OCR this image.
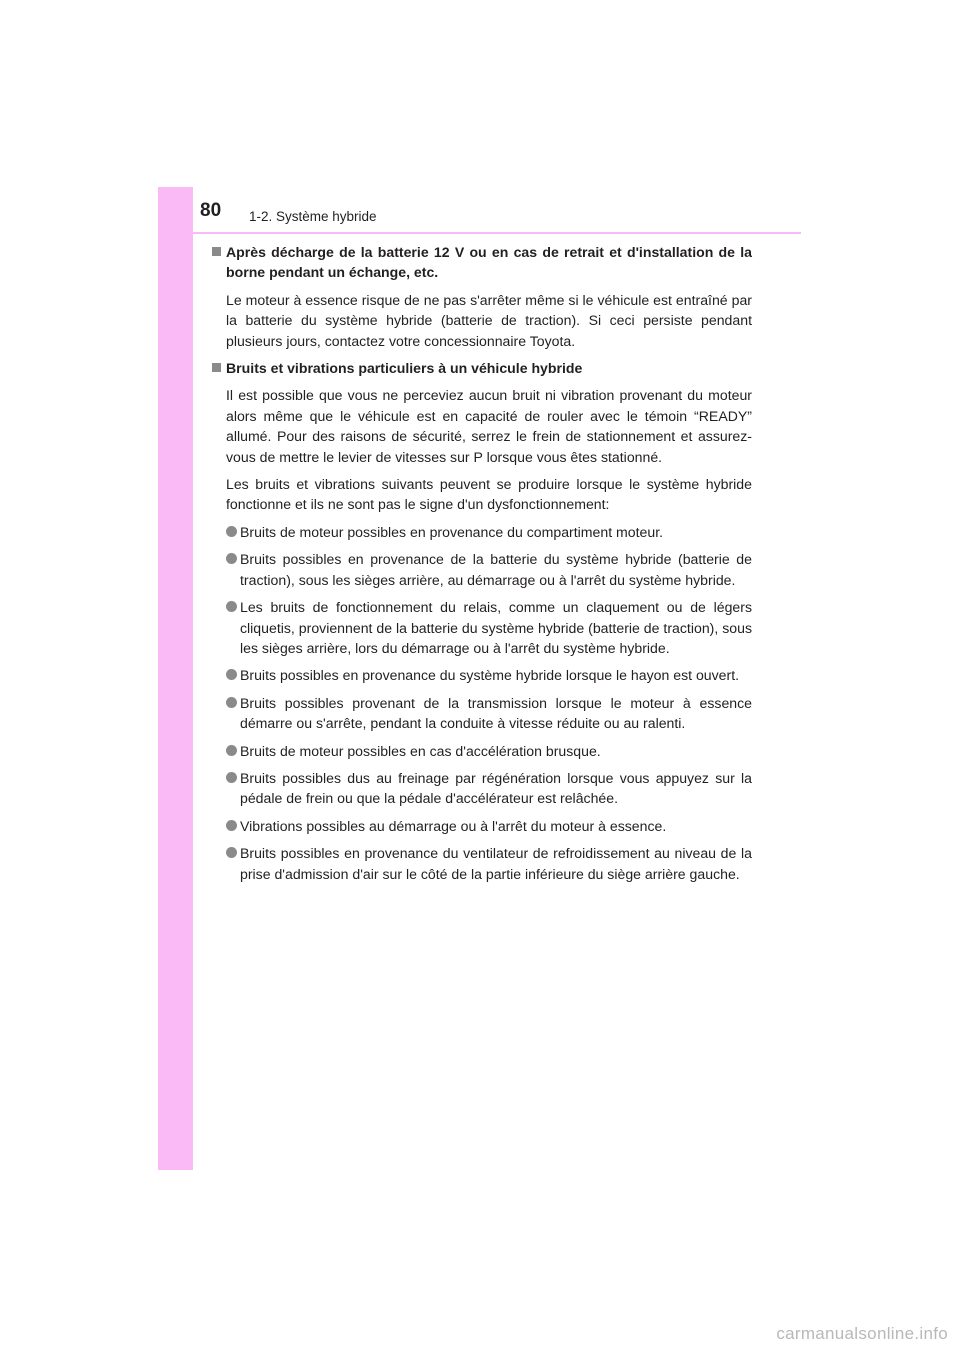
80 1-2. Système hybride
Après décharge de la batterie 12 V ou en cas de retrait et d'installation de la borne pendant un échange, etc.

Le moteur à essence risque de ne pas s'arrêter même si le véhicule est entraîné par la batterie du système hybride (batterie de traction). Si ceci persiste pendant plusieurs jours, contactez votre concessionnaire Toyota.

Bruits et vibrations particuliers à un véhicule hybride

Il est possible que vous ne perceviez aucun bruit ni vibration provenant du moteur alors même que le véhicule est en capacité de rouler avec le témoin “READY” allumé. Pour des raisons de sécurité, serrez le frein de stationnement et assurez-vous de mettre le levier de vitesses sur P lorsque vous êtes stationné.

Les bruits et vibrations suivants peuvent se produire lorsque le système hybride fonctionne et ils ne sont pas le signe d'un dysfonctionnement:

Bruits de moteur possibles en provenance du compartiment moteur.
Bruits possibles en provenance de la batterie du système hybride (batterie de traction), sous les sièges arrière, au démarrage ou à l'arrêt du système hybride.
Les bruits de fonctionnement du relais, comme un claquement ou de légers cliquetis, proviennent de la batterie du système hybride (batterie de traction), sous les sièges arrière, lors du démarrage ou à l'arrêt du système hybride.
Bruits possibles en provenance du système hybride lorsque le hayon est ouvert.
Bruits possibles provenant de la transmission lorsque le moteur à essence démarre ou s'arrête, pendant la conduite à vitesse réduite ou au ralenti.
Bruits de moteur possibles en cas d'accélération brusque.
Bruits possibles dus au freinage par régénération lorsque vous appuyez sur la pédale de frein ou que la pédale d'accélérateur est relâchée.
Vibrations possibles au démarrage ou à l'arrêt du moteur à essence.
Bruits possibles en provenance du ventilateur de refroidissement au niveau de la prise d'admission d'air sur le côté de la partie inférieure du siège arrière gauche.
carmanualsonline.info
